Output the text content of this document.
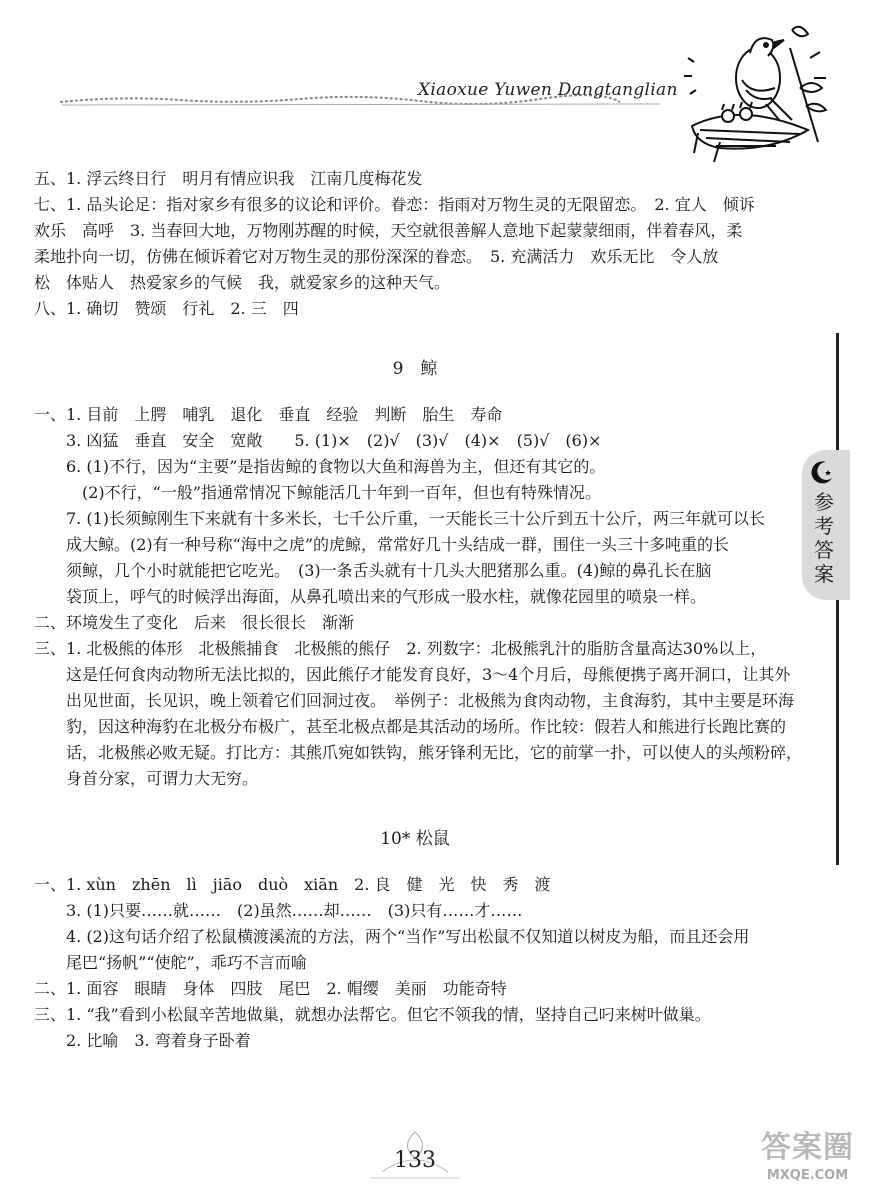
Xiaoxue Yuwen Dangtanglian
五、1. 浮云终日行　明月有情应识我　江南几度梅花发
七、1. 品头论足：指对家乡有很多的议论和评价。眷恋：指雨对万物生灵的无限留恋。　2. 宜人　倾诉
欢乐　高呼　3. 当春回大地，万物刚苏醒的时候，天空就很善解人意地下起蒙蒙细雨，伴着春风，柔
柔地扑向一切，仿佛在倾诉着它对万物生灵的那份深深的眷恋。　5. 充满活力　欢乐无比　令人放
松　体贴人　热爱家乡的气候　我，就爱家乡的这种天气。
八、1. 确切　赞颂　行礼　2. 三　四
9　鲸
一、1. 目前　上腭　哺乳　退化　垂直　经验　判断　胎生　寿命
3. 凶猛　垂直　安全　宽敞　　5. (1)×　(2)√　(3)√　(4)×　(5)√　(6)×
6. (1)不行，因为“主要”是指齿鲸的食物以大鱼和海兽为主，但还有其它的。
(2)不行，“一般”指通常情况下鲸能活几十年到一百年，但也有特殊情况。
7. (1)长须鲸刚生下来就有十多米长，七千公斤重，一天能长三十公斤到五十公斤，两三年就可以长
成大鲸。(2)有一种号称“海中之虎”的虎鲸，常常好几十头结成一群，围住一头三十多吨重的长
须鲸，几个小时就能把它吃光。　(3)一条舌头就有十几头大肥猪那么重。(4)鲸的鼻孔长在脑
袋顶上，呼气的时候浮出海面，从鼻孔喷出来的气形成一股水柱，就像花园里的喷泉一样。
二、环境发生了变化　后来　很长很长　渐渐
三、1. 北极熊的体形　北极熊捕食　北极熊的熊仔　2. 列数字：北极熊乳汁的脂肪含量高达30%以上，
这是任何食肉动物所无法比拟的，因此熊仔才能发育良好，3～4个月后，母熊便携子离开洞口，让其外
出见世面，长见识，晚上领着它们回洞过夜。　举例子：北极熊为食肉动物，主食海豹，其中主要是环海
豹，因这种海豹在北极分布极广，甚至北极点都是其活动的场所。作比较：假若人和熊进行长跑比赛的
话，北极熊必败无疑。打比方：其熊爪宛如铁钩，熊牙锋利无比，它的前掌一扑，可以使人的头颅粉碎，
身首分家，可谓力大无穷。
10* 松鼠
一、1. xùn　zhēn　lì　jiāo　duò　xiān　2. 良　健　光　快　秀　渡
3. (1)只要……就……　(2)虽然……却……　(3)只有……才……
4. (2)这句话介绍了松鼠横渡溪流的方法，两个“当作”写出松鼠不仅知道以树皮为船，而且还会用
尾巴“扬帆”“使舵”，乖巧不言而喻
二、1. 面容　眼睛　身体　四肢　尾巴　2. 帽缨　美丽　功能奇特
三、1. “我”看到小松鼠辛苦地做巢，就想办法帮它。但它不领我的情，坚持自己叼来树叶做巢。
2. 比喻　3. 弯着身子卧着
参考答案
133	答案圈
MXQE.COM
